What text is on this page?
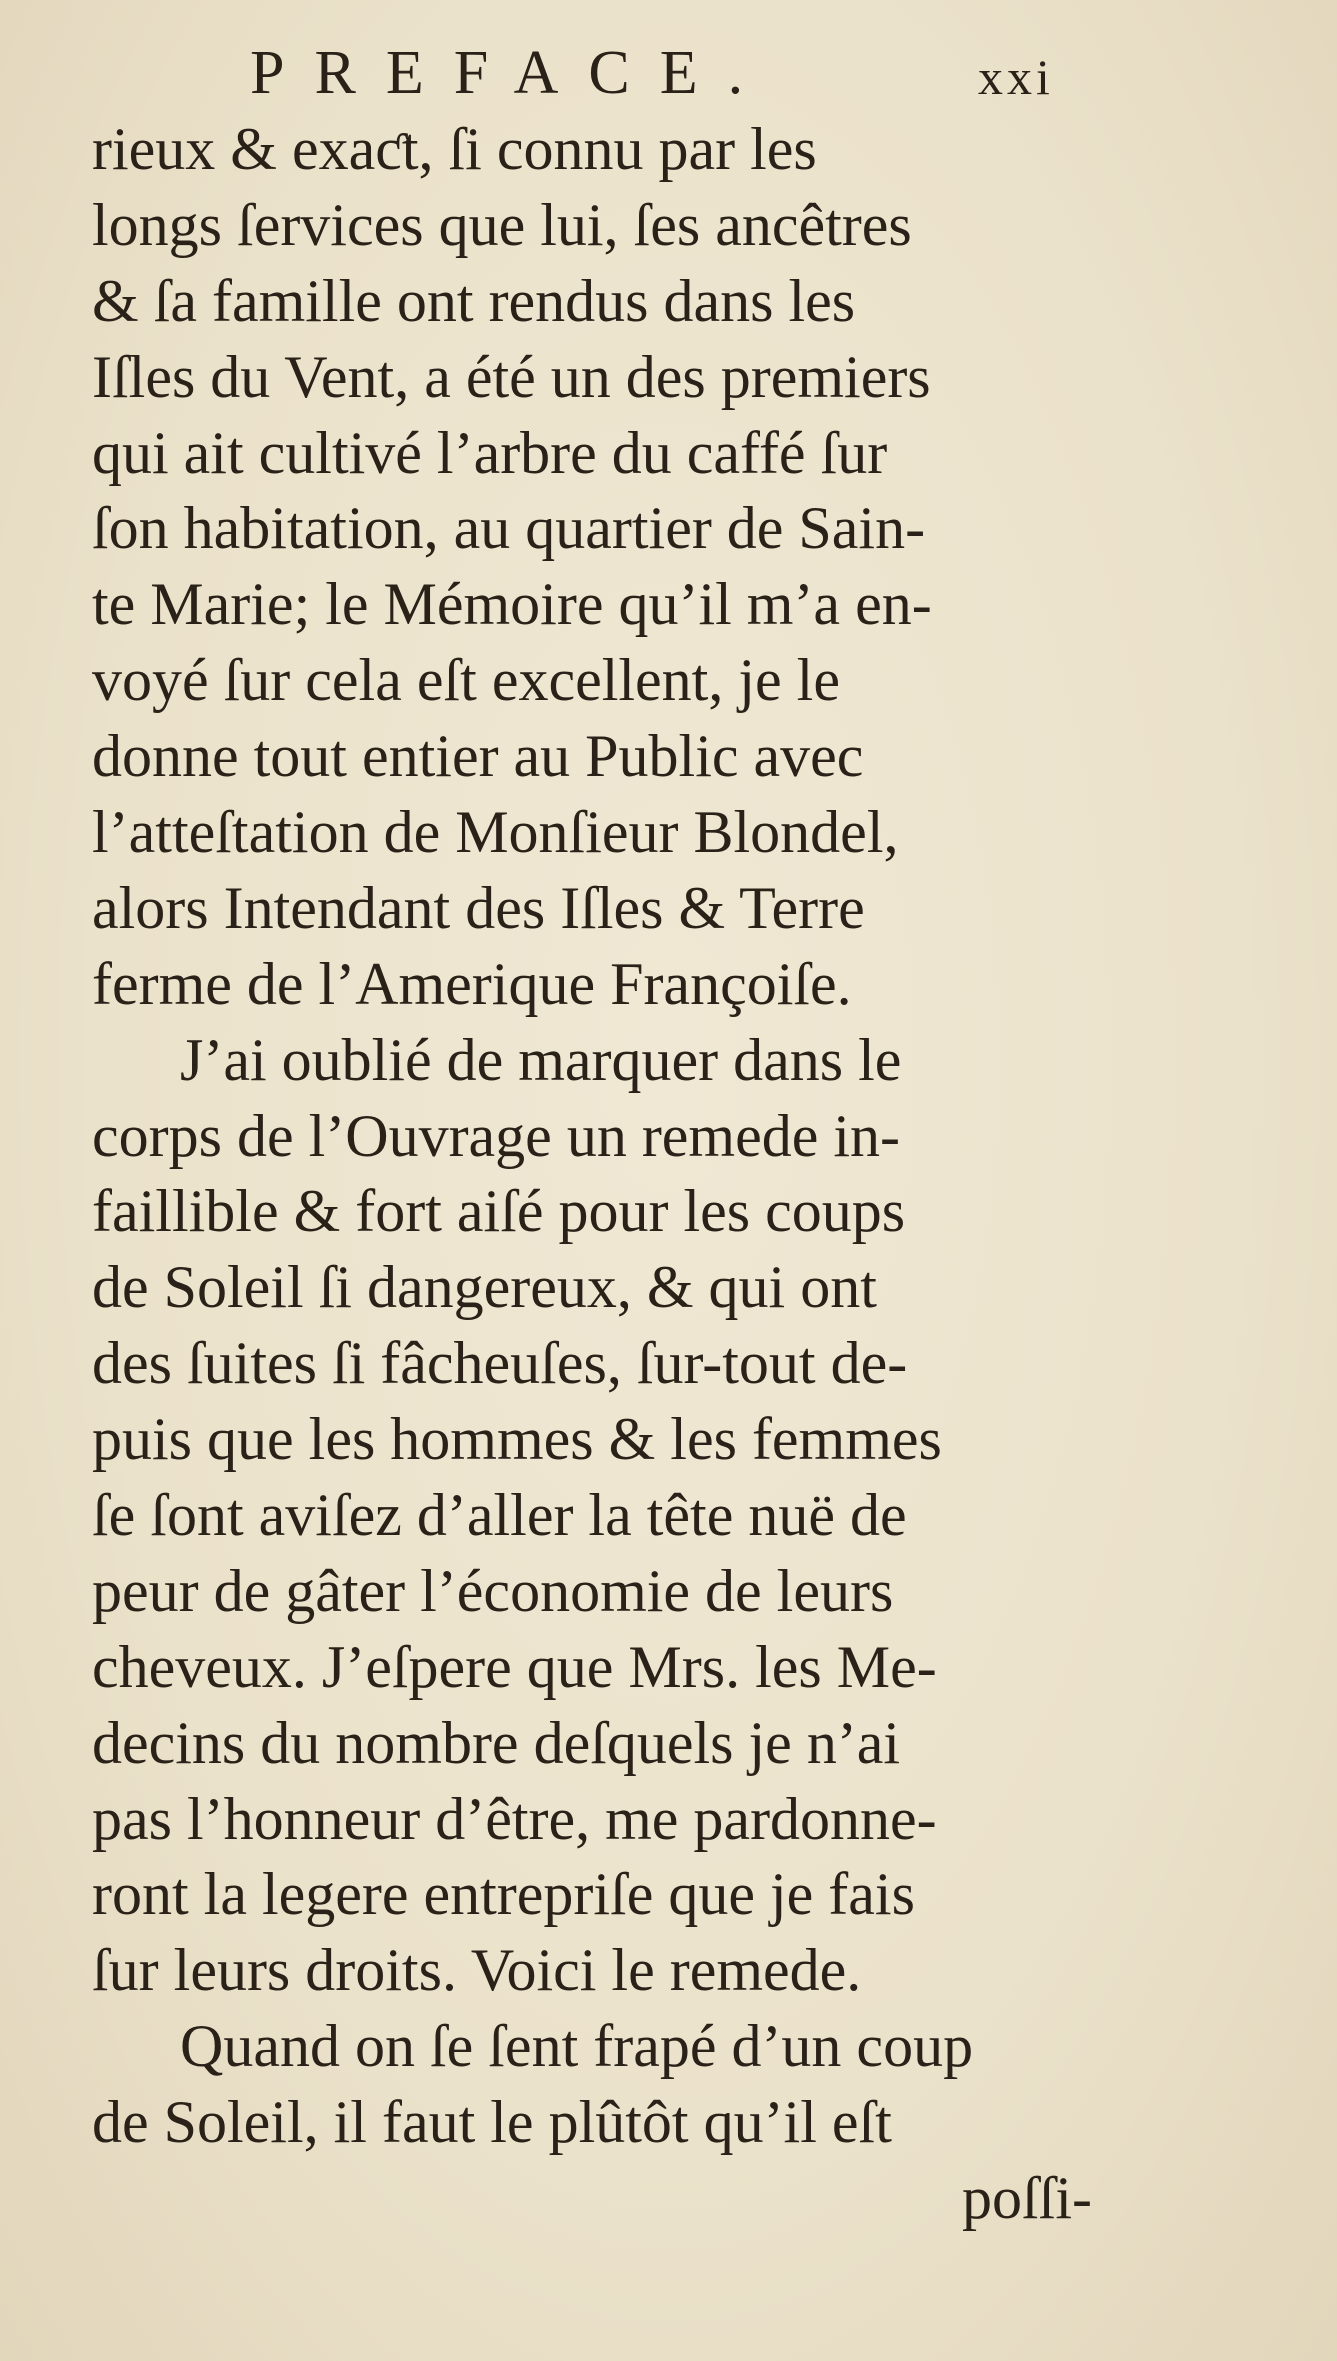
PREFACE.	xxi
rieux & exaƈt, ſi connu par les
longs ſervices que lui, ſes ancêtres
& ſa famille ont rendus dans les
Iſles du Vent, a été un des premiers
qui ait cultivé l’arbre du caffé ſur
ſon habitation, au quartier de Sain-
te Marie; le Mémoire qu’il m’a en-
voyé ſur cela eſt excellent, je le
donne tout entier au Public avec
l’atteſtation de Monſieur Blondel,
alors Intendant des Iſles & Terre
ferme de l’Amerique Françoiſe.
J’ai oublié de marquer dans le
corps de l’Ouvrage un remede in-
faillible & fort aiſé pour les coups
de Soleil ſi dangereux, & qui ont
des ſuites ſi fâcheuſes, ſur-tout de-
puis que les hommes & les femmes
ſe ſont aviſez d’aller la tête nuë de
peur de gâter l’économie de leurs
cheveux. J’eſpere que Mrs. les Me-
decins du nombre deſquels je n’ai
pas l’honneur d’être, me pardonne-
ront la legere entrepriſe que je fais
ſur leurs droits. Voici le remede.
Quand on ſe ſent frapé d’un coup
de Soleil, il faut le plûtôt qu’il eſt
poſſi-
